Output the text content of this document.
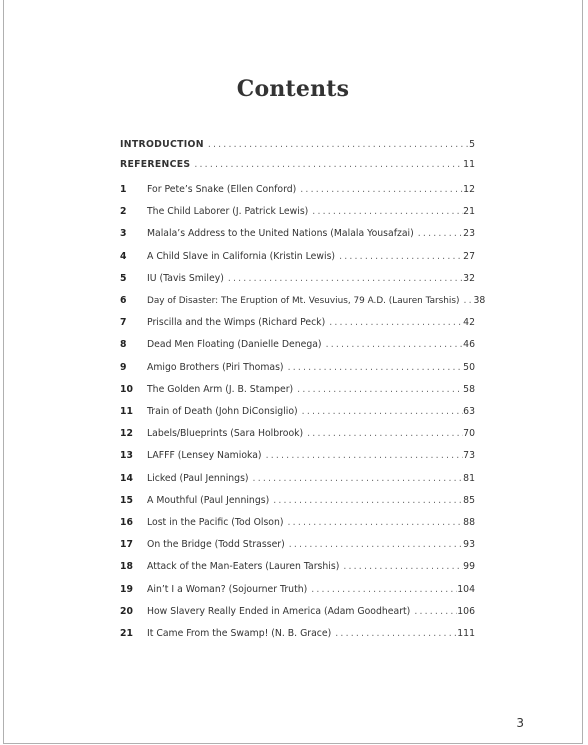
Contents
INTRODUCTION .....	5
REFERENCES .....	11
1	For Pete’s Snake (Ellen Conford) .....	12
2	The Child Laborer (J. Patrick Lewis) .....	21
3	Malala’s Address to the United Nations (Malala Yousafzai) .....	23
4	A Child Slave in California (Kristin Lewis) .....	27
5	IU (Tavis Smiley) .....	32
6	Day of Disaster: The Eruption of Mt. Vesuvius, 79 A.D. (Lauren Tarshis) ..... 38
7	Priscilla and the Wimps (Richard Peck) .....	42
8	Dead Men Floating (Danielle Denega) .....	46
9	Amigo Brothers (Piri Thomas) .....	50
10	The Golden Arm (J. B. Stamper) .....	58
11	Train of Death (John DiConsiglio) .....	63
12	Labels/Blueprints (Sara Holbrook) .....	70
13	LAFFF (Lensey Namioka) .....	73
14	Licked (Paul Jennings) .....	81
15	A Mouthful (Paul Jennings) .....	85
16	Lost in the Pacific (Tod Olson) .....	88
17	On the Bridge (Todd Strasser) .....	93
18	Attack of the Man-Eaters (Lauren Tarshis) .....	99
19	Ain’t I a Woman? (Sojourner Truth) .....	104
20	How Slavery Really Ended in America (Adam Goodheart) .....	106
21	It Came From the Swamp! (N. B. Grace) .....	111
3
